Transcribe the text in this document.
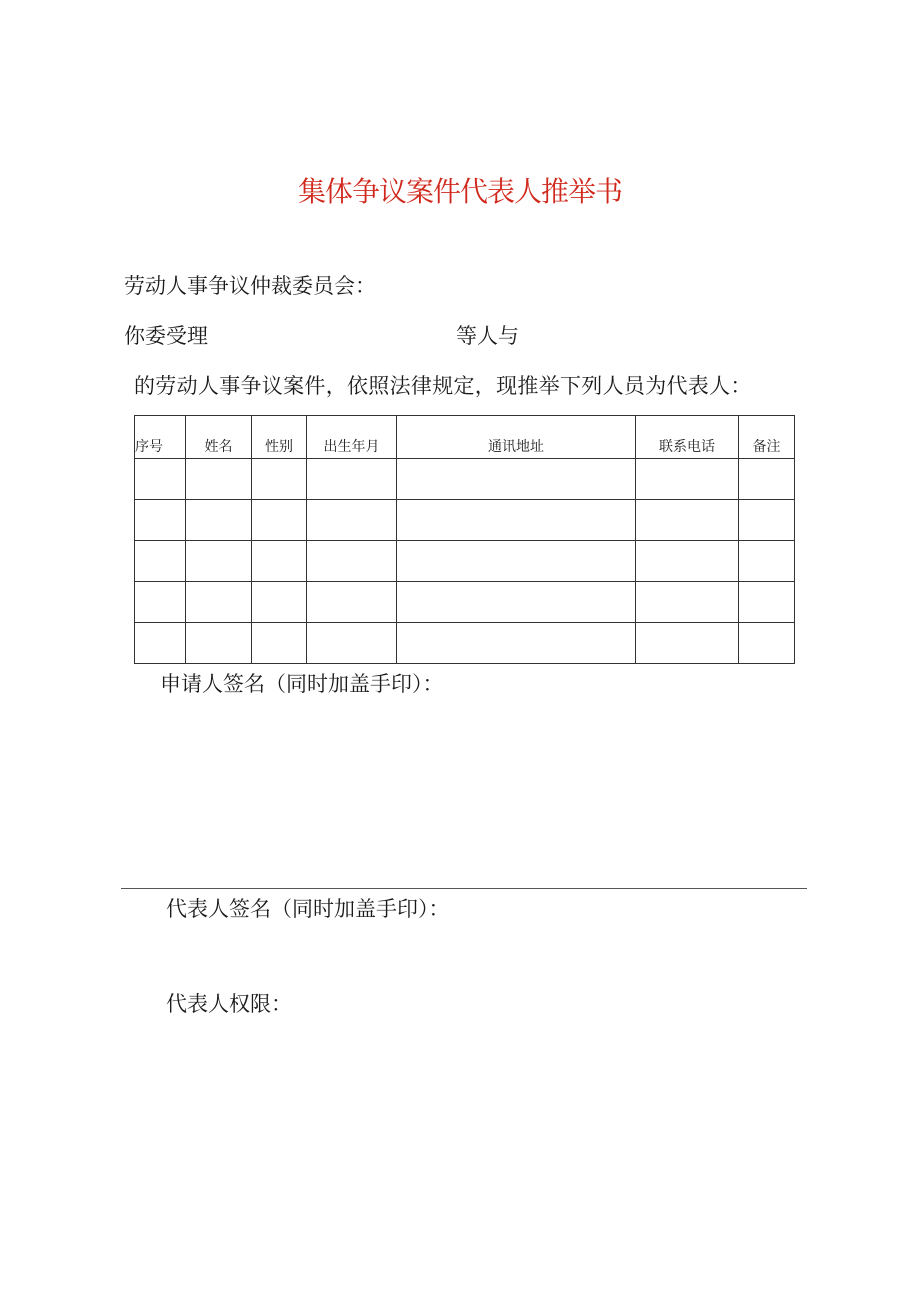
集体争议案件代表人推举书
劳动人事争议仲裁委员会：
你委受理	等人与
的劳动人事争议案件，依照法律规定，现推举下列人员为代表人：
序号	姓名	性别	出生年月	通讯地址	联系电话	备注

申请人签名（同时加盖手印）：
代表人签名（同时加盖手印）：
代表人权限：
